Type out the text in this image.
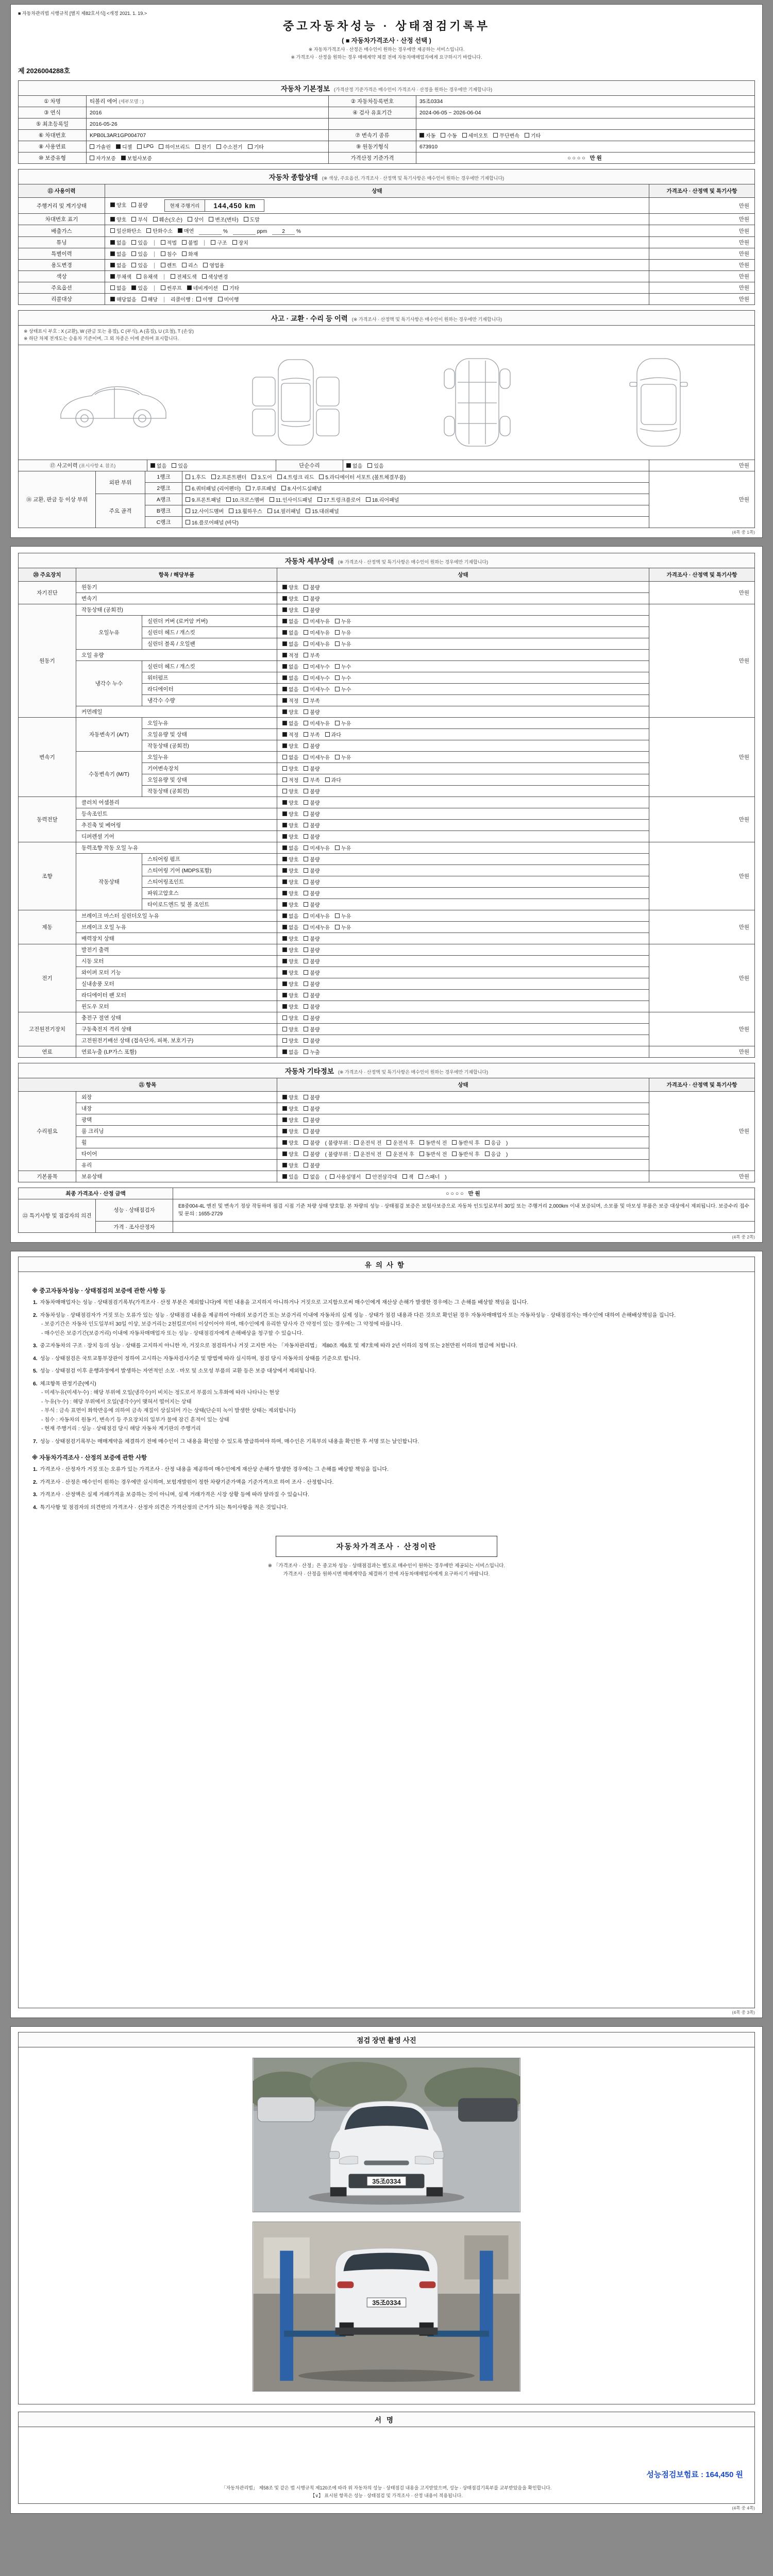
■ 자동차관리법 시행규칙 [별지 제82호서식] <개정 2021. 1. 19.>
중고자동차성능 · 상태점검기록부
( ■ 자동차가격조사 · 산정 선택 )
※ 자동차가격조사 · 산정은 매수인이 원하는 경우에만 제공하는 서비스입니다.
※ 가격조사 · 산정을 원하는 경우 매매계약 체결 전에 자동차매매업자에게 요구하시기 바랍니다.
제 2026004288호
자동차 기본정보 (가격산정 기준가격은 매수인이 가격조사 · 산정을 원하는 경우에만 기재합니다)
① 차명	티볼리 에어 (세부모델 : )	② 자동차등록번호	35조0334
③ 연식	2016	④ 검사 유효기간	2024-06-05 ~ 2026-06-04
⑤ 최초등록일	2016-05-26		
⑥ 차대번호	KPB0L3AR1GP004707	⑦ 변속기 종류	자동 수동 세미오토 무단변속 기타

⑧ 사용연료	가솔린 디젤 LPG 하이브리드 전기 수소전기 기타	⑨ 원동기형식	673910
⑩ 보증유형	자가보증 보험사보증	가격산정 기준가격	○○○○ 만원
자동차 종합상태 (※ 색상, 주요옵션, 가격조사 · 산정액 및 특기사항은 매수인이 원하는 경우에만 기재합니다)
⑪ 사용이력	상태	가격조사 · 산정액 및 특기사항
주행거리 및 계기상태	양호 불량 현재 주행거리 144,450 km	만원
차대번호 표기	양호 부식 훼손(오손) 상이 변조(변타) 도말	만원
배출가스	일산화탄소 탄화수소 매연 % ppm 2 %	만원
튜닝	없음 있음	적법 불법	구조 장치	만원
특별이력	없음 있음 침수 화재	만원
용도변경	없음 있음 렌트 리스 영업용	만원
색상	무채색 유채색 전체도색 색상변경	만원
주요옵션	없음 있음 썬루프 네비게이션 기타	만원
리콜대상	해당없음 해당 리콜이행 : 이행 미이행	만원
사고 · 교환 · 수리 등 이력 (※ 가격조사 · 산정액 및 특기사항은 매수인이 원하는 경우에만 기재합니다)
※ 상태표시 부호 : X (교환), W (판금 또는 용접), C (부식), A (흠집), U (요철), T (손상)
※ 하단 차체 전개도는 승용차 기준이며, 그 외 차종은 이에 준하여 표시합니다.
⑰ 사고이력 (표시사항 4. 참조)	없음 있음	단순수리	없음 있음	만원
⑱ 교환, 판금 등 이상 부위	외판 부위	1랭크	1.후드 2.프론트펜더 3.도어 4.트렁크 리드 5.라디에이터 서포트 (볼트체결부품)	만원
		2랭크	6.쿼터패널 (리어펜더) 7.루프패널 8.사이드실패널	

	주요 골격	A랭크	9.프론트패널 10.크로스멤버 11.인사이드패널 17.트렁크플로어 18.리어패널	

		B랭크	12.사이드멤버 13.휠하우스 14.필러패널 15.대쉬패널	

		C랭크	16.플로어패널 (바닥)	
(4쪽 중 1쪽)
자동차 세부상태 (※ 가격조사 · 산정액 및 특기사항은 매수인이 원하는 경우에만 기재합니다)
⑳ 주요장치	항목 / 해당부품		상태	가격조사 · 산정액 및 특기사항
자기진단	원동기		양호 불량	만원
	변속기		양호 불량	

원동기	작동상태 (공회전)		양호 불량	만원
	오일누유	실린더 커버 (로커암 커버)	없음 미세누유 누유	

		실린더 헤드 / 개스킷	없음 미세누유 누유	

		실린더 블록 / 오일팬	없음 미세누유 누유	

	오일 유량		적정 부족	

	냉각수 누수	실린더 헤드 / 개스킷	없음 미세누수 누수	

		워터펌프	없음 미세누수 누수	

		라디에이터	없음 미세누수 누수	

		냉각수 수량	적정 부족	

	커먼레일		양호 불량	

변속기	자동변속기 (A/T)	오일누유	없음 미세누유 누유	만원
		오일유량 및 상태	적정 부족 과다	

		작동상태 (공회전)	양호 불량	

	수동변속기 (M/T)	오일누유	없음 미세누유 누유	

		기어변속장치	양호 불량	

		오일유량 및 상태	적정 부족 과다	

		작동상태 (공회전)	양호 불량	

동력전달	클러치 어셈블리		양호 불량	만원
	등속조인트		양호 불량	

	추진축 및 베어링		양호 불량	

	디퍼렌셜 기어		양호 불량	

조향	동력조향 작동 오일 누유		없음 미세누유 누유	만원
	작동상태	스티어링 펌프	양호 불량	

		스티어링 기어 (MDPS포함)	양호 불량	

		스티어링조인트	양호 불량	

		파워고압호스	양호 불량	

		타이로드엔드 및 볼 조인트	양호 불량	

제동	브레이크 마스터 실린더오일 누유		없음 미세누유 누유	만원
	브레이크 오일 누유		없음 미세누유 누유	

	배력장치 상태		양호 불량	

전기	발전기 출력		양호 불량	만원
	시동 모터		양호 불량	

	와이퍼 모터 기능		양호 불량	

	실내송풍 모터		양호 불량	

	라디에이터 팬 모터		양호 불량	

	윈도우 모터		양호 불량	

고전원전기장치	충전구 절연 상태		양호 불량	만원
	구동축전지 격리 상태		양호 불량	

	고전원전기배선 상태 (접속단자, 피복, 보호기구)		양호 불량	

연료	연료누출 (LP가스 포함)		없음 누출	만원
자동차 기타정보 (※ 가격조사 · 산정액 및 특기사항은 매수인이 원하는 경우에만 기재합니다)
㉑ 항목		상태	가격조사 · 산정액 및 특기사항
수리필요	외장	양호 불량	만원
	내장	양호 불량	

	광택	양호 불량	

	룸 크리닝	양호 불량	

휠	양호 불량 ( 불량부위 : 운전석 전 운전석 후 동반석 전 동반석 후 응급 )
타이어	양호 불량 ( 불량부위 : 운전석 전 운전석 후 동반석 전 동반석 후 응급 )
	유리	양호 불량	

기본품목	보유상태	있음 없음 ( 사용설명서 안전삼각대 잭 스패너 )	만원
최종 가격조사 · 산정 금액	○○○○ 만원
㉒ 특기사항 및 점검자의 의견	성능 · 상태점검자	E8중004-4L 엔진 및 변속기 정상 작동하며 점검 시점 기준 차량 상태 양호함. 본 차량의 성능 · 상태점검 보증은 보험사보증으로 자동차 인도일로부터 30일 또는 주행거리 2,000km 이내 보증되며, 소모품 및 마모성 부품은 보증 대상에서 제외됩니다. 보증수리 접수 및 문의 : 1655-2729
	가격 · 조사산정자	
(4쪽 중 2쪽)
유의사항
※ 중고자동차성능 · 상태점검의 보증에 관한 사항 등
1. 자동차매매업자는 성능 · 상태점검기록부(가격조사 · 산정 부분은 제외합니다)에 적힌 내용을 고지하지 아니하거나 거짓으로 고지함으로써 매수인에게 재산상 손해가 발생한 경우에는 그 손해를 배상할 책임을 집니다.
2. 자동차성능 · 상태점검자가 거짓 또는 오류가 있는 성능 · 상태점검 내용을 제공하여 아래의 보증기간 또는 보증거리 이내에 자동차의 실제 성능 · 상태가 점검 내용과 다른 것으로 확인된 경우 자동차매매업자 또는 자동차성능 · 상태점검자는 매수인에 대하여 손해배상책임을 집니다.
- 보증기간은 자동차 인도일부터 30일 이상, 보증거리는 2천킬로미터 이상이어야 하며, 매수인에게 유리한 당사자 간 약정이 있는 경우에는 그 약정에 따릅니다.
- 매수인은 보증기간(보증거리) 이내에 자동차매매업자 또는 성능 · 상태점검자에게 손해배상을 청구할 수 있습니다.
3. 중고자동차의 구조 · 장치 등의 성능 · 상태를 고지하지 아니한 자, 거짓으로 점검하거나 거짓 고지한 자는 「자동차관리법」 제80조 제6호 및 제7호에 따라 2년 이하의 징역 또는 2천만원 이하의 벌금에 처합니다.
4. 성능 · 상태점검은 국토교통부장관이 정하여 고시하는 자동차검사기준 및 방법에 따라 실시하며, 점검 당시 자동차의 상태를 기준으로 합니다.
5. 성능 · 상태점검 이후 운행과정에서 발생하는 자연적인 소모 · 마모 및 소모성 부품의 교환 등은 보증 대상에서 제외됩니다.
6. 체크항목 판정기준(예시)
- 미세누유(미세누수) : 해당 부위에 오일(냉각수)이 비치는 정도로서 부품의 노후화에 따라 나타나는 현상
- 누유(누수) : 해당 부위에서 오일(냉각수)이 맺혀서 떨어지는 상태
- 부식 : 금속 표면이 화학반응에 의하여 금속 재질이 상실되어 가는 상태(단순히 녹이 발생한 상태는 제외합니다)
- 침수 : 자동차의 원동기, 변속기 등 주요장치의 일부가 물에 잠긴 흔적이 있는 상태
- 현재 주행거리 : 성능 · 상태점검 당시 해당 자동차 계기판의 주행거리
7. 성능 · 상태점검기록부는 매매계약을 체결하기 전에 매수인이 그 내용을 확인할 수 있도록 발급하여야 하며, 매수인은 기록부의 내용을 확인한 후 서명 또는 날인합니다.
※ 자동차가격조사 · 산정의 보증에 관한 사항
1. 가격조사 · 산정자가 거짓 또는 오류가 있는 가격조사 · 산정 내용을 제공하여 매수인에게 재산상 손해가 발생한 경우에는 그 손해를 배상할 책임을 집니다.
2. 가격조사 · 산정은 매수인이 원하는 경우에만 실시하며, 보험개발원이 정한 차량기준가액을 기준가격으로 하여 조사 · 산정합니다.
3. 가격조사 · 산정액은 실제 거래가격을 보증하는 것이 아니며, 실제 거래가격은 시장 상황 등에 따라 달라질 수 있습니다.
4. 특기사항 및 점검자의 의견란의 가격조사 · 산정자 의견은 가격산정의 근거가 되는 특이사항을 적은 것입니다.
자동차가격조사 · 산정이란
※ 「가격조사 · 산정」은 중고차 성능 · 상태점검과는 별도로 매수인이 원하는 경우에만 제공되는 서비스입니다.
가격조사 · 산정을 원하시면 매매계약을 체결하기 전에 자동차매매업자에게 요구하시기 바랍니다.
(4쪽 중 3쪽)
점검 장면 촬영 사진
35조0334
35조0334
서명
성능점검보험료 : 164,450 원
「자동차관리법」 제58조 및 같은 법 시행규칙 제120조에 따라 위 자동차의 성능 · 상태점검 내용을 고지받았으며, 성능 · 상태점검기록부를 교부받았음을 확인합니다.
【∨】 표시된 항목은 성능 · 상태점검 및 가격조사 · 산정 내용이 적용됩니다.
(4쪽 중 4쪽)
